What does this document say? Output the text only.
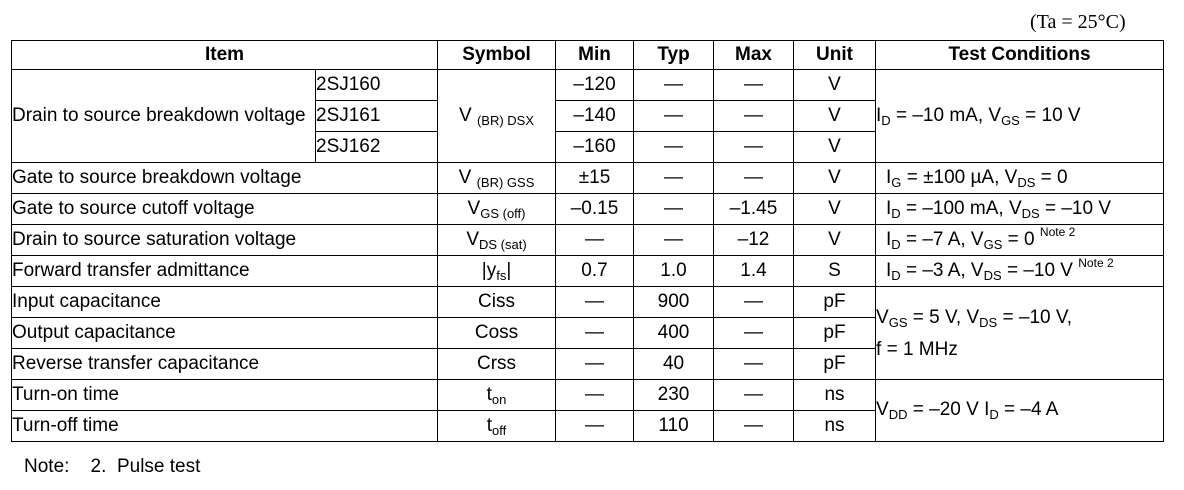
(Ta = 25°C)
Item		Symbol	Min	Typ	Max	Unit	Test Conditions
Drain to source breakdown voltage	2SJ160	V $_{(BR) DSX}$	–120	—	—	V	$I_D = -10$ mA, $V_{GS} = 10$ V
	2SJ161		–140	—	—	V	
	2SJ162		–160	—	—	V	
Gate to source breakdown voltage		V $_{(BR) GSS}$	±15	—	—	V	$I_G = \pm 100$ µA, $V_{DS} = 0$
Gate to source cutoff voltage		$V_{GS (off)}$	–0.15	—	–1.45	V	$I_D = -100$ mA, $V_{DS} = -10$ V
Drain to source saturation voltage		$V_{DS (sat)}$	—	—	–12	V	$I_D = -7$ A, $V_{GS} = 0$ $^{Note 2}$
Forward transfer admittance		$|y_{fs}|$	0.7	1.0	1.4	S	$I_D = -3$ A, $V_{DS} = -10$ V $^{Note 2}$
Input capacitance		Ciss	—	900	—	pF	$V_{GS} = 5$ V, $V_{DS} = -10$ V,
f = 1 MHz
Output capacitance		Coss	—	400	—	pF	
Reverse transfer capacitance		Crss	—	40	—	pF	
Turn-on time		$t_{on}$	—	230	—	ns	$V_{DD} = -20$ V $I_D = -4$ A
Turn-off time		$t_{off}$	—	110	—	ns	
Note: 2. Pulse test
